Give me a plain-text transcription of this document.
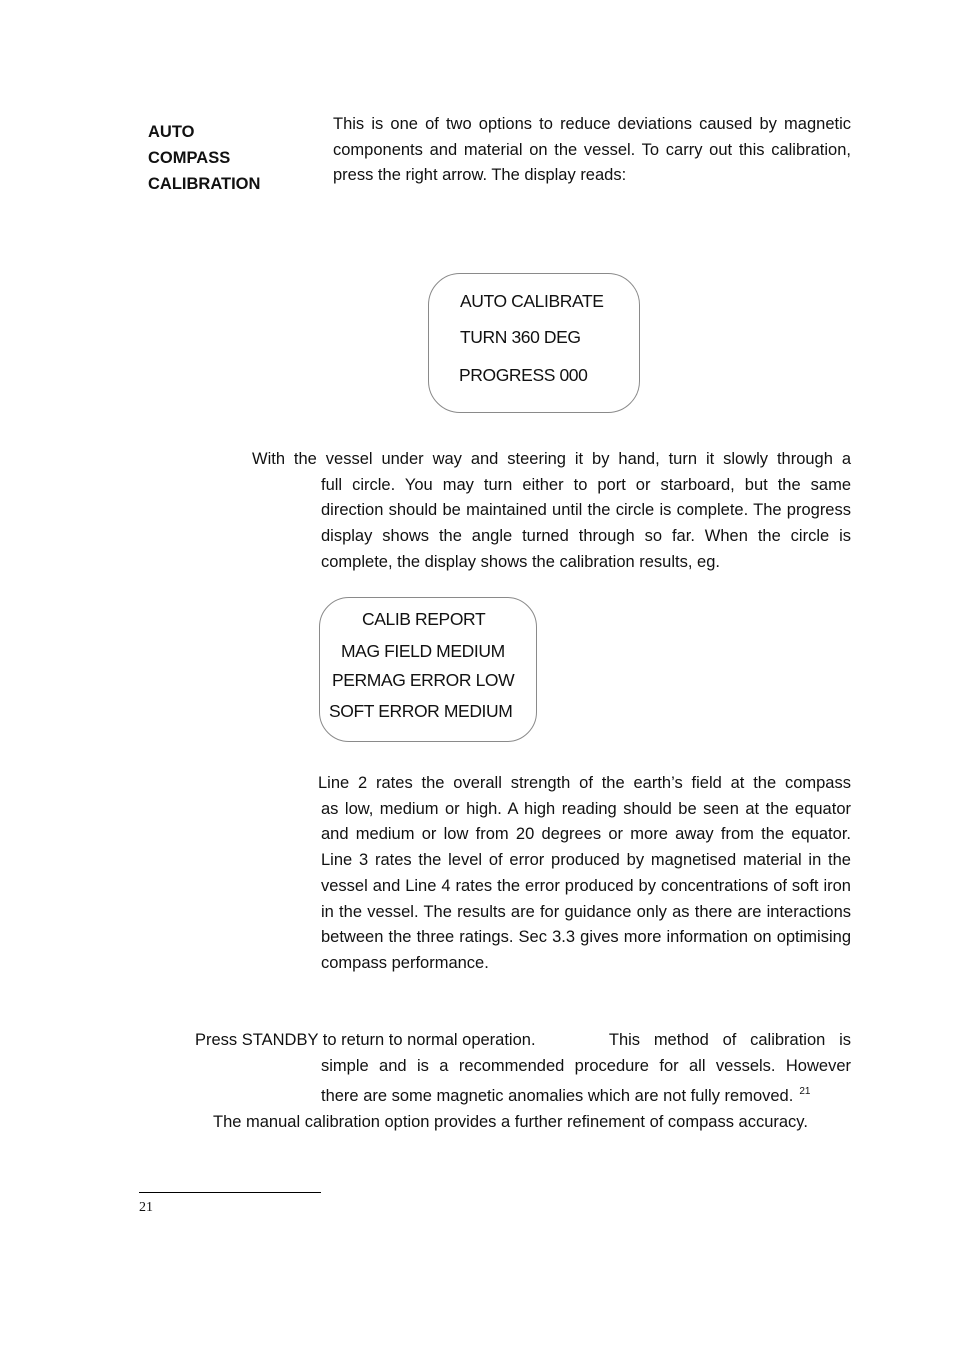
AUTO
COMPASS
CALIBRATION
This is one of two options to reduce deviations caused by magnetic components and material on the vessel. To carry out this calibration, press the right arrow. The display reads:
AUTO CALIBRATE
TURN 360 DEG
PROGRESS 000
With the vessel under way and steering it by hand, turn it slowly through a
full circle. You may turn either to port or starboard, but the same direction should be maintained until the circle is complete. The progress display shows the angle turned through so far. When the circle is complete, the display shows the calibration results, eg.
CALIB REPORT
MAG FIELD MEDIUM
PERMAG ERROR LOW
SOFT ERROR MEDIUM
Line 2 rates the overall strength of the earth’s field at the compass
as low, medium or high. A high reading should be seen at the equator and medium or low from 20 degrees or more away from the equator. Line 3 rates the level of error produced by magnetised material in the vessel and Line 4 rates the error produced by concentrations of soft iron in the vessel. The results are for guidance only as there are interactions between the three ratings. Sec 3.3 gives more information on optimising compass performance.
Press STANDBY to return to normal operation.	This   method   of   calibration   is
simple and is a recommended procedure for all vessels. However
there are some magnetic anomalies which are not fully removed. $^{21}$
The manual calibration option provides a further refinement of compass accuracy.
21
